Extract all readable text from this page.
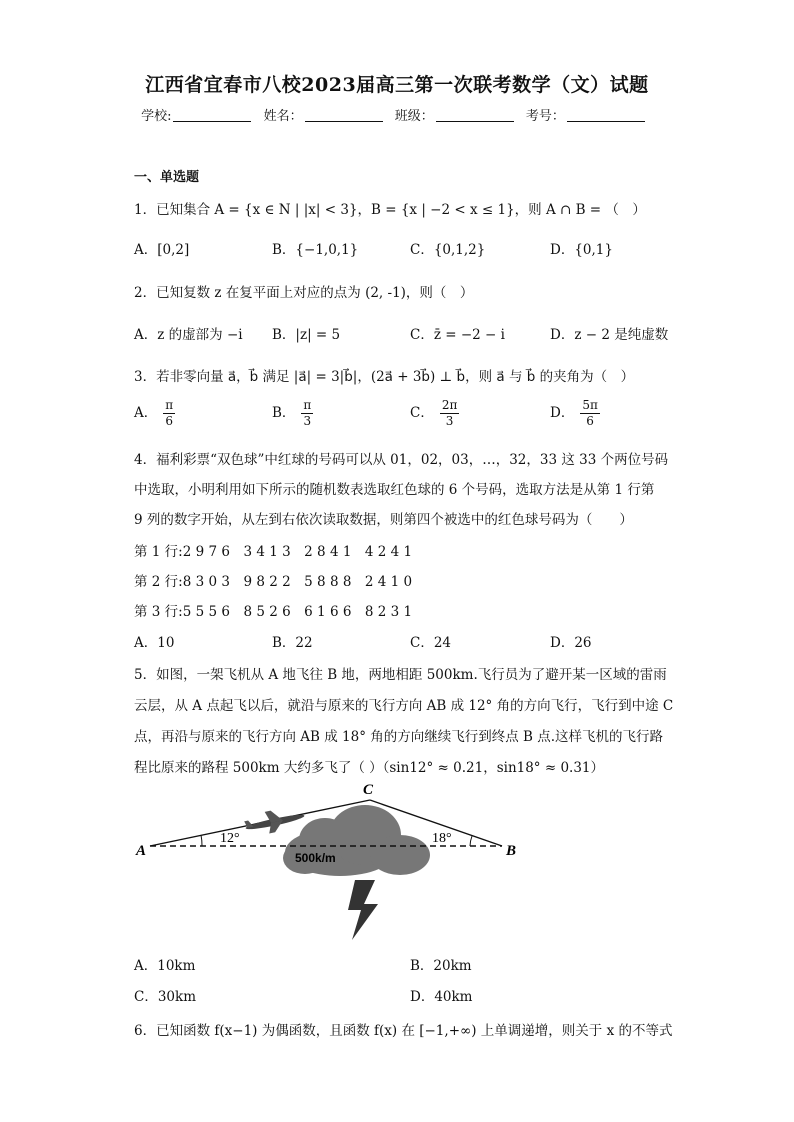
江西省宜春市八校2023届高三第一次联考数学（文）试题
学校:	姓名：	班级：	考号：
一、单选题
1．已知集合 A = {x ∈ N | |x| < 3}，B = {x | −2 < x ≤ 1}，则 A ∩ B = （　）
A．[0,2]	B．{−1,0,1}	C．{0,1,2}	D．{0,1}
2．已知复数 z 在复平面上对应的点为 (2, -1)，则（　）
A．z 的虚部为 −i B．|z| = 5	C．z̄ = −2 − i	D．z − 2 是纯虚数
3．若非零向量 a⃗，b⃗ 满足 |a⃗| = 3|b⃗|，(2a⃗ + 3b⃗) ⊥ b⃗，则 a⃗ 与 b⃗ 的夹角为（　）
A． $\frac{\pi}{6}$	B． $\frac{\pi}{3}$	C． $\frac{2\pi}{3}$	D． $\frac{5\pi}{6}$
4．福利彩票“双色球”中红球的号码可以从 01，02，03，…，32，33 这 33 个两位号码
中选取，小明利用如下所示的随机数表选取红色球的 6 个号码，选取方法是从第 1 行第
9 列的数字开始，从左到右依次读取数据，则第四个被选中的红色球号码为（　　）
第 1 行:2 9 7 6　3 4 1 3　2 8 4 1　4 2 4 1
第 2 行:8 3 0 3　9 8 2 2　5 8 8 8　2 4 1 0
第 3 行:5 5 5 6　8 5 2 6　6 1 6 6　8 2 3 1
A．10	B．22	C．24	D．26
5．如图，一架飞机从 A 地飞往 B 地，两地相距 500km.飞行员为了避开某一区域的雷雨
云层，从 A 点起飞以后，就沿与原来的飞行方向 AB 成 12° 角的方向飞行，飞行到中途 C
点，再沿与原来的飞行方向 AB 成 18° 角的方向继续飞行到终点 B 点.这样飞机的飞行路
程比原来的路程 500km 大约多飞了（ ）（sin12° ≈ 0.21，sin18° ≈ 0.31）
A	B
C
12°	18°
500k/m
A．10km	B．20km
C．30km	D．40km
6．已知函数 f(x−1) 为偶函数，且函数 f(x) 在 [−1,+∞) 上单调递增，则关于 x 的不等式
